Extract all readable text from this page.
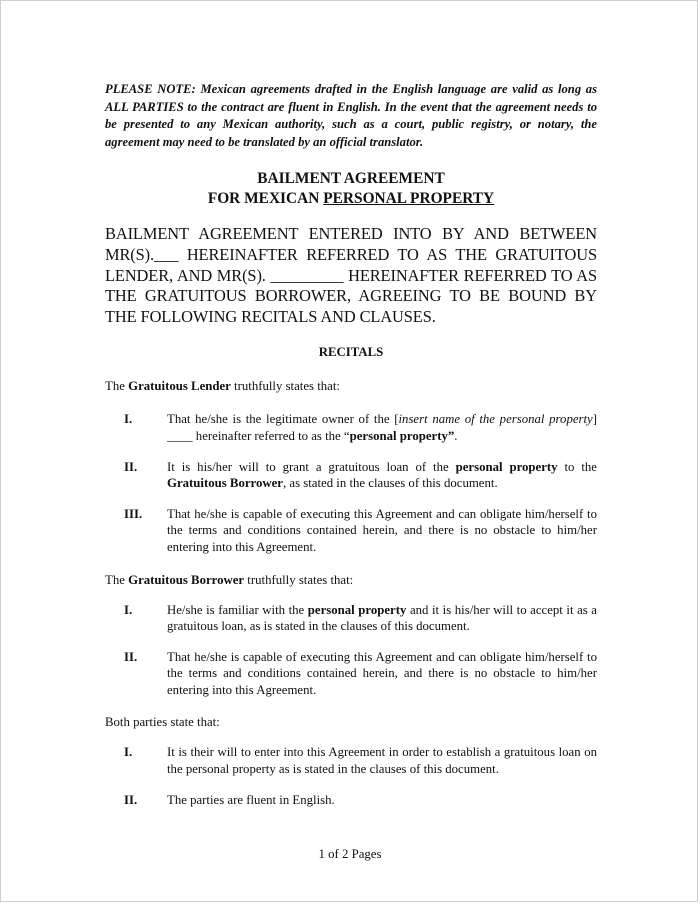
PLEASE NOTE: Mexican agreements drafted in the English language are valid as long as ALL PARTIES to the contract are fluent in English. In the event that the agreement needs to be presented to any Mexican authority, such as a court, public registry, or notary, the agreement may need to be translated by an official translator.

BAILMENT AGREEMENT
FOR MEXICAN PERSONAL PROPERTY
BAILMENT AGREEMENT ENTERED INTO BY AND BETWEEN MR(S).___ HEREINAFTER REFERRED TO AS THE GRATUITOUS LENDER, AND MR(S). _________ HEREINAFTER REFERRED TO AS THE GRATUITOUS BORROWER, AGREEING TO BE BOUND BY THE FOLLOWING RECITALS AND CLAUSES.
RECITALS
The Gratuitous Lender truthfully states that:
I.	That he/she is the legitimate owner of the [insert name of the personal property] ____ hereinafter referred to as the “personal property”.
II. It is his/her will to grant a gratuitous loan of the personal property to the Gratuitous Borrower, as stated in the clauses of this document.
III. That he/she is capable of executing this Agreement and can obligate him/herself to the terms and conditions contained herein, and there is no obstacle to him/her entering into this Agreement.
The Gratuitous Borrower truthfully states that:
I.	He/she is familiar with the personal property and it is his/her will to accept it as a gratuitous loan, as is stated in the clauses of this document.
II. That he/she is capable of executing this Agreement and can obligate him/herself to the terms and conditions contained herein, and there is no obstacle to him/her entering into this Agreement.
Both parties state that:
I.	It is their will to enter into this Agreement in order to establish a gratuitous loan on the personal property as is stated in the clauses of this document.
II. The parties are fluent in English.
1 of 2 Pages
